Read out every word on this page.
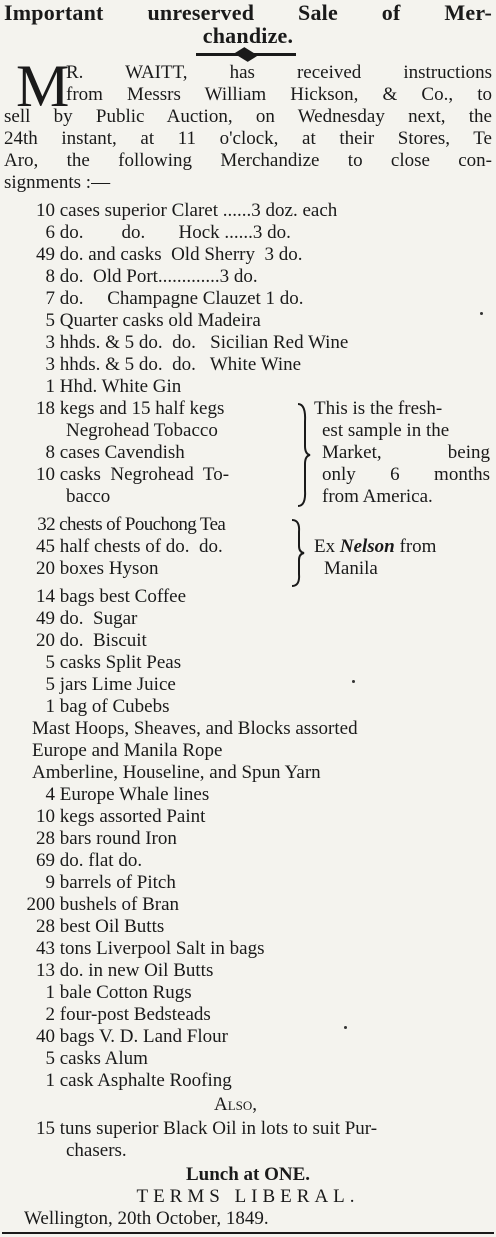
Important unreserved Sale of Mer-
chandize.
M
R. WAITT, has received instructions
from Messrs William Hickson, & Co., to
sell by Public Auction, on Wednesday next, the
24th instant, at 11 o'clock, at their Stores, Te
Aro, the following Merchandize to close con-
signments :—
10 cases superior Claret ......3 doz. each
6 do.        do.       Hock ......3 do.
49 do. and casks  Old Sherry  3 do.
8 do.  Old Port.............3 do.
7 do.     Champagne Clauzet 1 do.
5 Quarter casks old Madeira
3 hhds. & 5 do.  do.   Sicilian Red Wine
3 hhds. & 5 do.  do.   White Wine
1 Hhd. White Gin
18 kegs and 15 half kegs
Negrohead Tobacco
8 cases Cavendish
10 casks  Negrohead  To-
bacco
This is the fresh-
est sample in the
Market, being
only 6 months
from America.
32 chests of Pouchong Tea
45 half chests of do.  do.
20 boxes Hyson
Ex Nelson from
Manila
14 bags best Coffee
49 do.  Sugar
20 do.  Biscuit
5 casks Split Peas
5 jars Lime Juice
1 bag of Cubebs
Mast Hoops, Sheaves, and Blocks assorted
Europe and Manila Rope
Amberline, Houseline, and Spun Yarn
4 Europe Whale lines
10 kegs assorted Paint
28 bars round Iron
69 do. flat do.
9 barrels of Pitch
200 bushels of Bran
28 best Oil Butts
43 tons Liverpool Salt in bags
13 do. in new Oil Butts
1 bale Cotton Rugs
2 four-post Bedsteads
40 bags V. D. Land Flour
5 casks Alum
1 cask Asphalte Roofing
Also,
15 tuns superior Black Oil in lots to suit Pur-
chasers.
Lunch at ONE.
TERMS LIBERAL.
Wellington, 20th October, 1849.
